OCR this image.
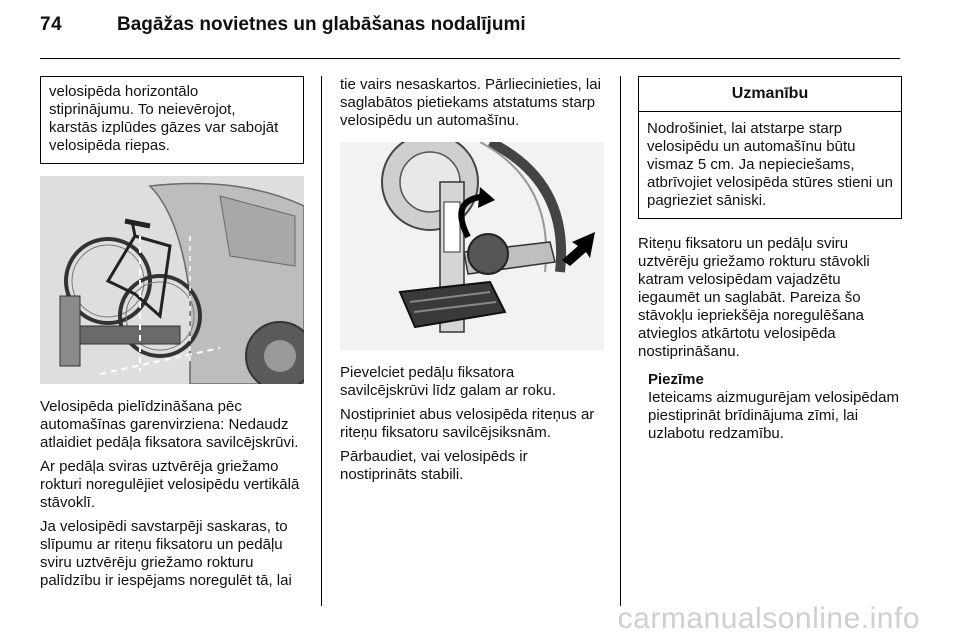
74	Bagāžas novietnes un glabāšanas nodalījumi
velosipēda horizontālo
stiprinājumu. To neievērojot,
karstās izplūdes gāzes var sabojāt
velosipēda riepas.

Velosipēda pielīdzināšana pēc automašīnas garenvirziena: Nedaudz atlaidiet pedāļa fiksatora savilcējskrūvi.

Ar pedāļa sviras uztvērēja griežamo rokturi noregulējiet velosipēdu vertikālā stāvoklī.

Ja velosipēdi savstarpēji saskaras, to slīpumu ar riteņu fiksatoru un pedāļu sviru uztvērēju griežamo rokturu palīdzību ir iespējams noregulēt tā, lai

tie vairs nesaskartos. Pārliecinieties, lai saglabātos pietiekams atstatums starp velosipēdu un automašīnu.

Pievelciet pedāļu fiksatora savilcējskrūvi līdz galam ar roku.

Nostipriniet abus velosipēda riteņus ar riteņu fiksatoru savilcējsiksnām.

Pārbaudiet, vai velosipēds ir nostiprināts stabili.

Uzmanību
Nodrošiniet, lai atstarpe starp velosipēdu un automašīnu būtu vismaz 5 cm. Ja nepieciešams, atbrīvojiet velosipēda stūres stieni un pagrieziet sāniski.

Riteņu fiksatoru un pedāļu sviru uztvērēju griežamo rokturu stāvokli katram velosipēdam vajadzētu iegaumēt un saglabāt. Pareiza šo stāvokļu iepriekšēja noregulēšana atvieglos atkārtotu velosipēda nostiprināšanu.

Piezīme
Ieteicams aizmugurējam velosipēdam piestiprināt brīdinājuma zīmi, lai uzlabotu redzamību.
carmanualsonline.info
